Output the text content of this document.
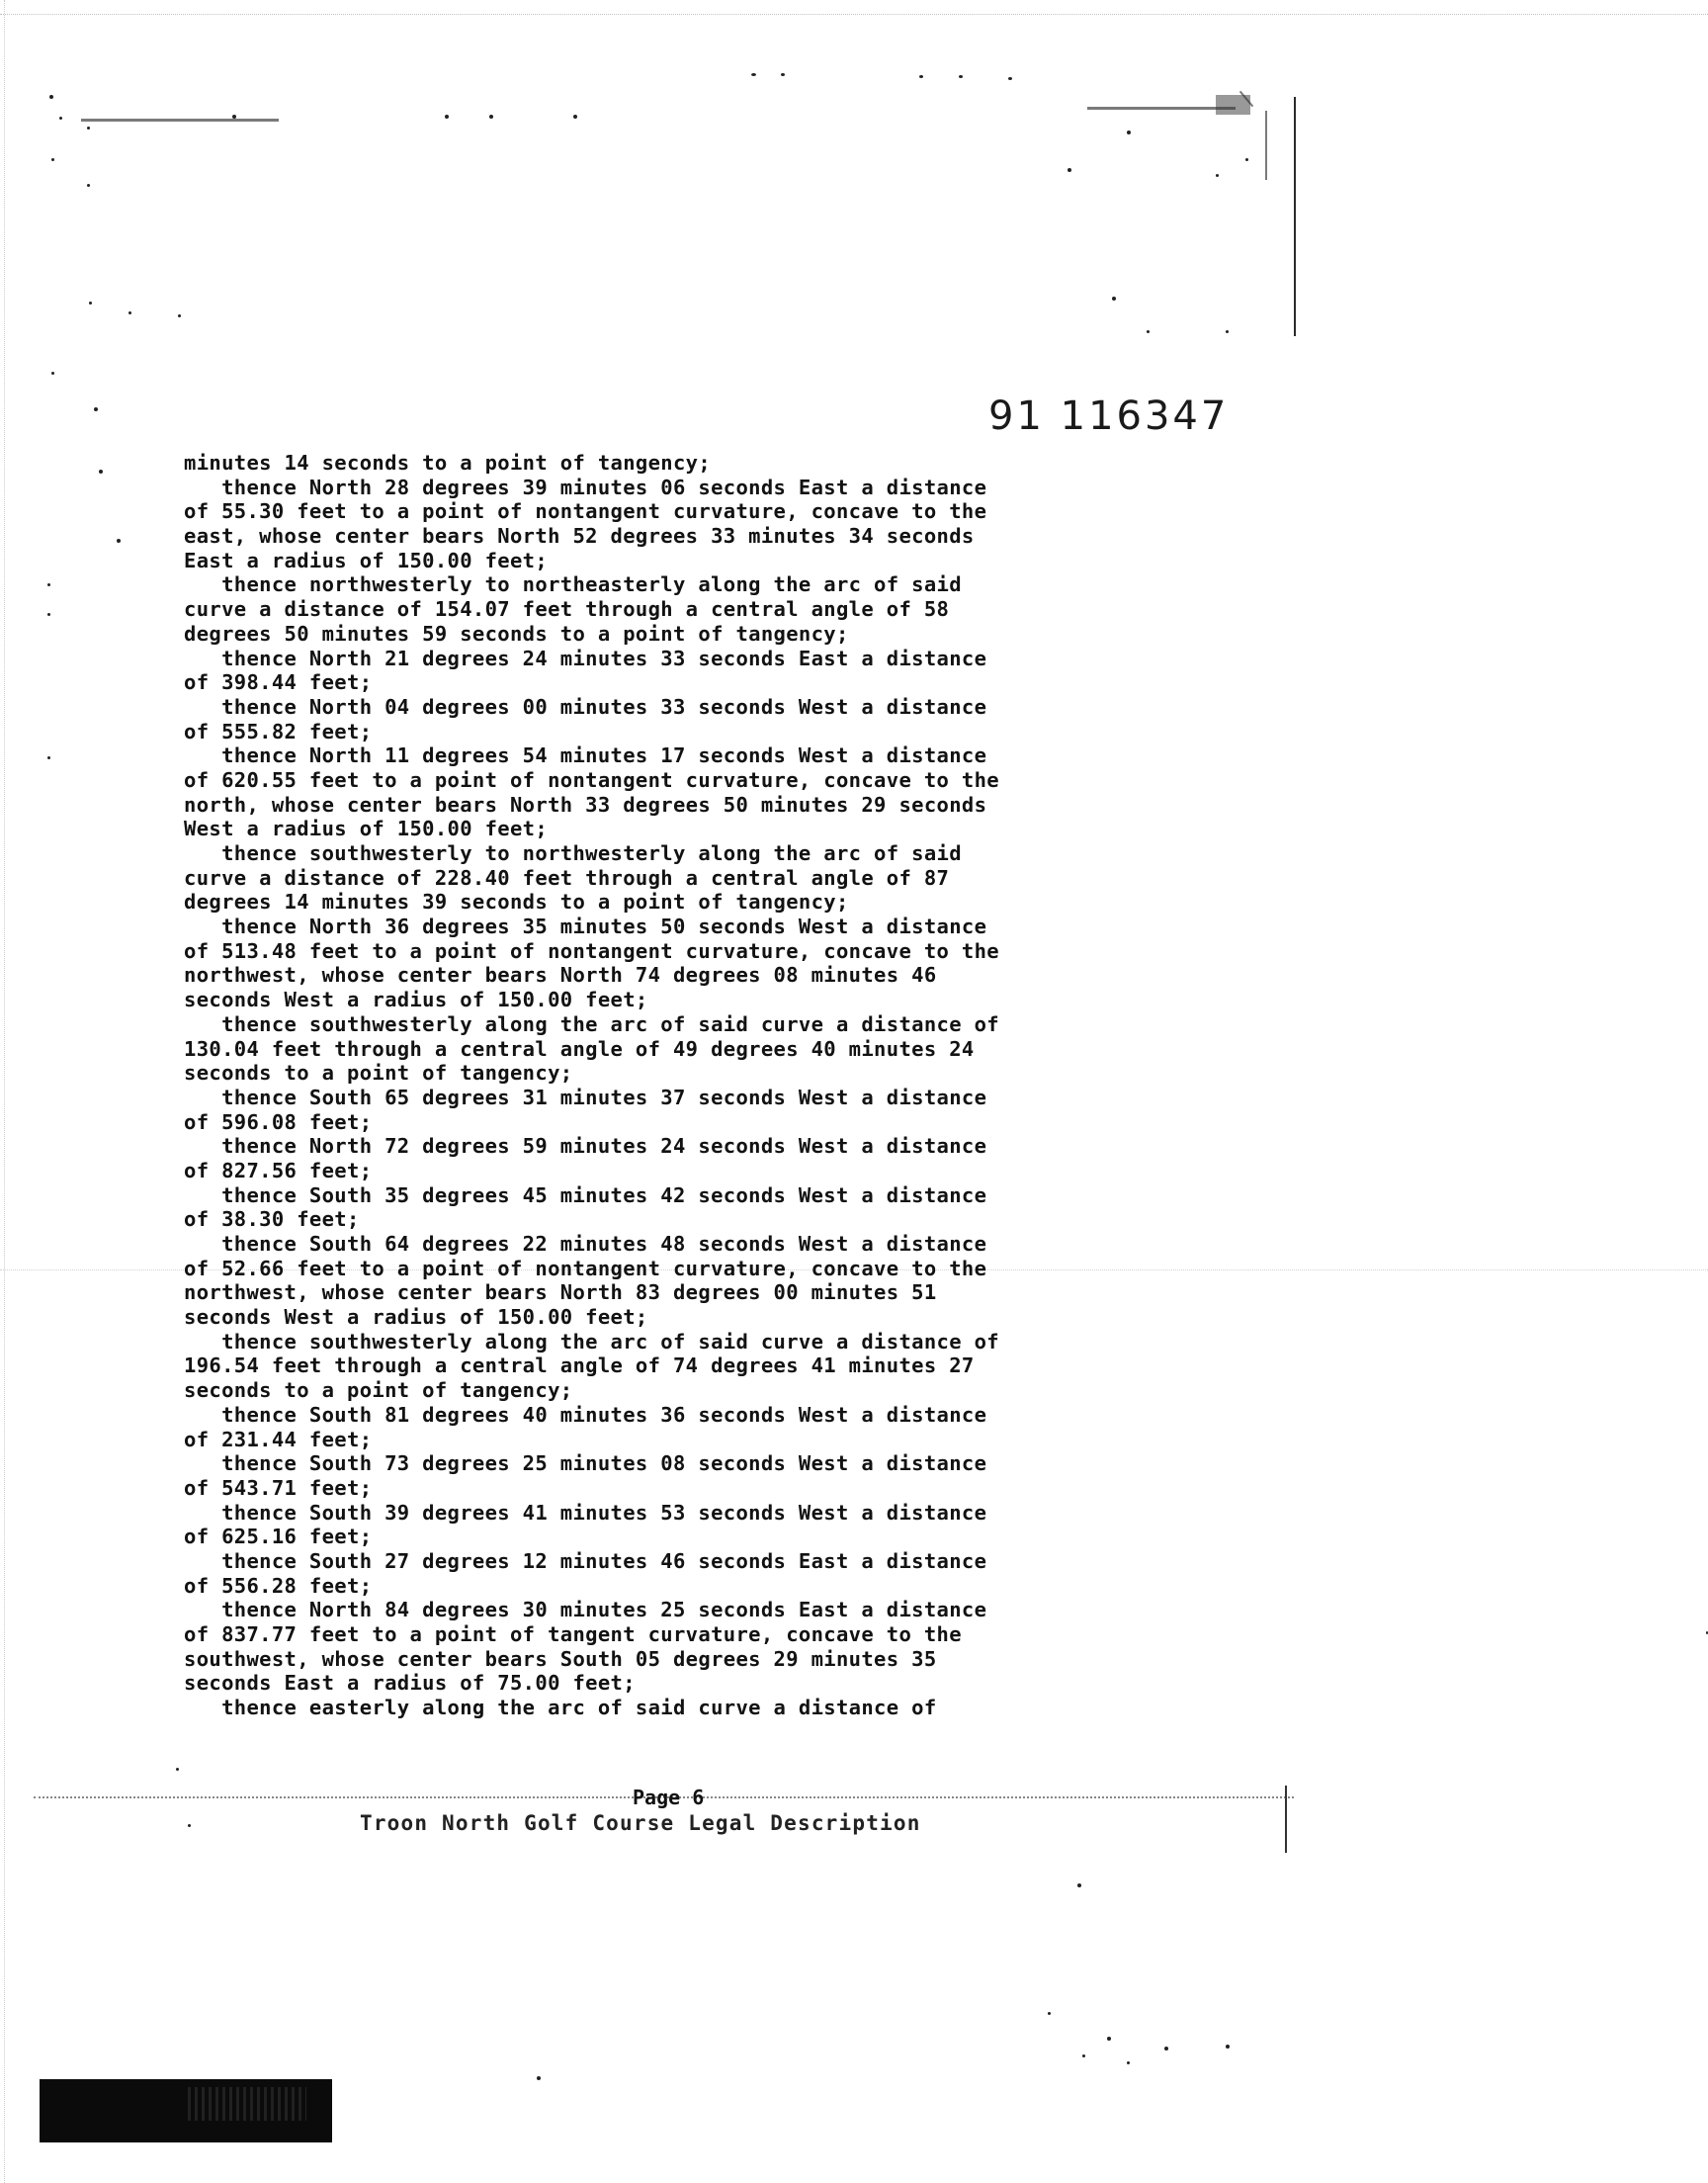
91 116347
minutes 14 seconds to a point of tangency;
thence North 28 degrees 39 minutes 06 seconds East a distance
of 55.30 feet to a point of nontangent curvature, concave to the
east, whose center bears North 52 degrees 33 minutes 34 seconds
East a radius of 150.00 feet;
thence northwesterly to northeasterly along the arc of said
curve a distance of 154.07 feet through a central angle of 58
degrees 50 minutes 59 seconds to a point of tangency;
thence North 21 degrees 24 minutes 33 seconds East a distance
of 398.44 feet;
thence North 04 degrees 00 minutes 33 seconds West a distance
of 555.82 feet;
thence North 11 degrees 54 minutes 17 seconds West a distance
of 620.55 feet to a point of nontangent curvature, concave to the
north, whose center bears North 33 degrees 50 minutes 29 seconds
West a radius of 150.00 feet;
thence southwesterly to northwesterly along the arc of said
curve a distance of 228.40 feet through a central angle of 87
degrees 14 minutes 39 seconds to a point of tangency;
thence North 36 degrees 35 minutes 50 seconds West a distance
of 513.48 feet to a point of nontangent curvature, concave to the
northwest, whose center bears North 74 degrees 08 minutes 46
seconds West a radius of 150.00 feet;
thence southwesterly along the arc of said curve a distance of
130.04 feet through a central angle of 49 degrees 40 minutes 24
seconds to a point of tangency;
thence South 65 degrees 31 minutes 37 seconds West a distance
of 596.08 feet;
thence North 72 degrees 59 minutes 24 seconds West a distance
of 827.56 feet;
thence South 35 degrees 45 minutes 42 seconds West a distance
of 38.30 feet;
thence South 64 degrees 22 minutes 48 seconds West a distance
of 52.66 feet to a point of nontangent curvature, concave to the
northwest, whose center bears North 83 degrees 00 minutes 51
seconds West a radius of 150.00 feet;
thence southwesterly along the arc of said curve a distance of
196.54 feet through a central angle of 74 degrees 41 minutes 27
seconds to a point of tangency;
thence South 81 degrees 40 minutes 36 seconds West a distance
of 231.44 feet;
thence South 73 degrees 25 minutes 08 seconds West a distance
of 543.71 feet;
thence South 39 degrees 41 minutes 53 seconds West a distance
of 625.16 feet;
thence South 27 degrees 12 minutes 46 seconds East a distance
of 556.28 feet;
thence North 84 degrees 30 minutes 25 seconds East a distance
of 837.77 feet to a point of tangent curvature, concave to the
southwest, whose center bears South 05 degrees 29 minutes 35
seconds East a radius of 75.00 feet;
thence easterly along the arc of said curve a distance of
Page 6
Troon North Golf Course Legal Description
